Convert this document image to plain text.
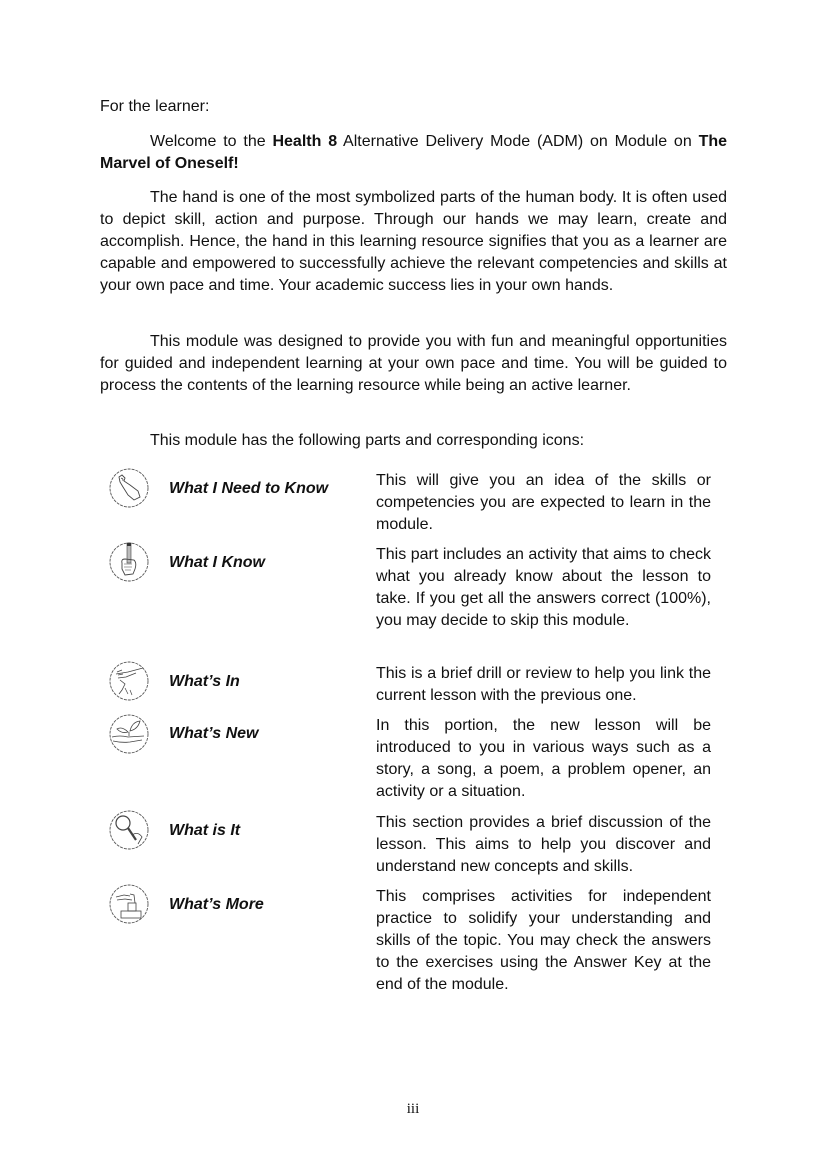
For the learner:
Welcome to the Health 8 Alternative Delivery Mode (ADM) on Module on The Marvel of Oneself!
The hand is one of the most symbolized parts of the human body. It is often used to depict skill, action and purpose. Through our hands we may learn, create and accomplish. Hence, the hand in this learning resource signifies that you as a learner are capable and empowered to successfully achieve the relevant competencies and skills at your own pace and time. Your academic success lies in your own hands.
This module was designed to provide you with fun and meaningful opportunities for guided and independent learning at your own pace and time. You will be guided to process the contents of the learning resource while being an active learner.
This module has the following parts and corresponding icons:
What I Need to Know	This will give you an idea of the skills or competencies you are expected to learn in the module.
What I Know	This part includes an activity that aims to check what you already know about the lesson to take. If you get all the answers correct (100%), you may decide to skip this module.
What’s In	This is a brief drill or review to help you link the current lesson with the previous one.
What’s New	In this portion, the new lesson will be introduced to you in various ways such as a story, a song, a poem, a problem opener, an activity or a situation.
What is It	This section provides a brief discussion of the lesson. This aims to help you discover and understand new concepts and skills.
What’s More	This comprises activities for independent practice to solidify your understanding and skills of the topic. You may check the answers to the exercises using the Answer Key at the end of the module.
iii
